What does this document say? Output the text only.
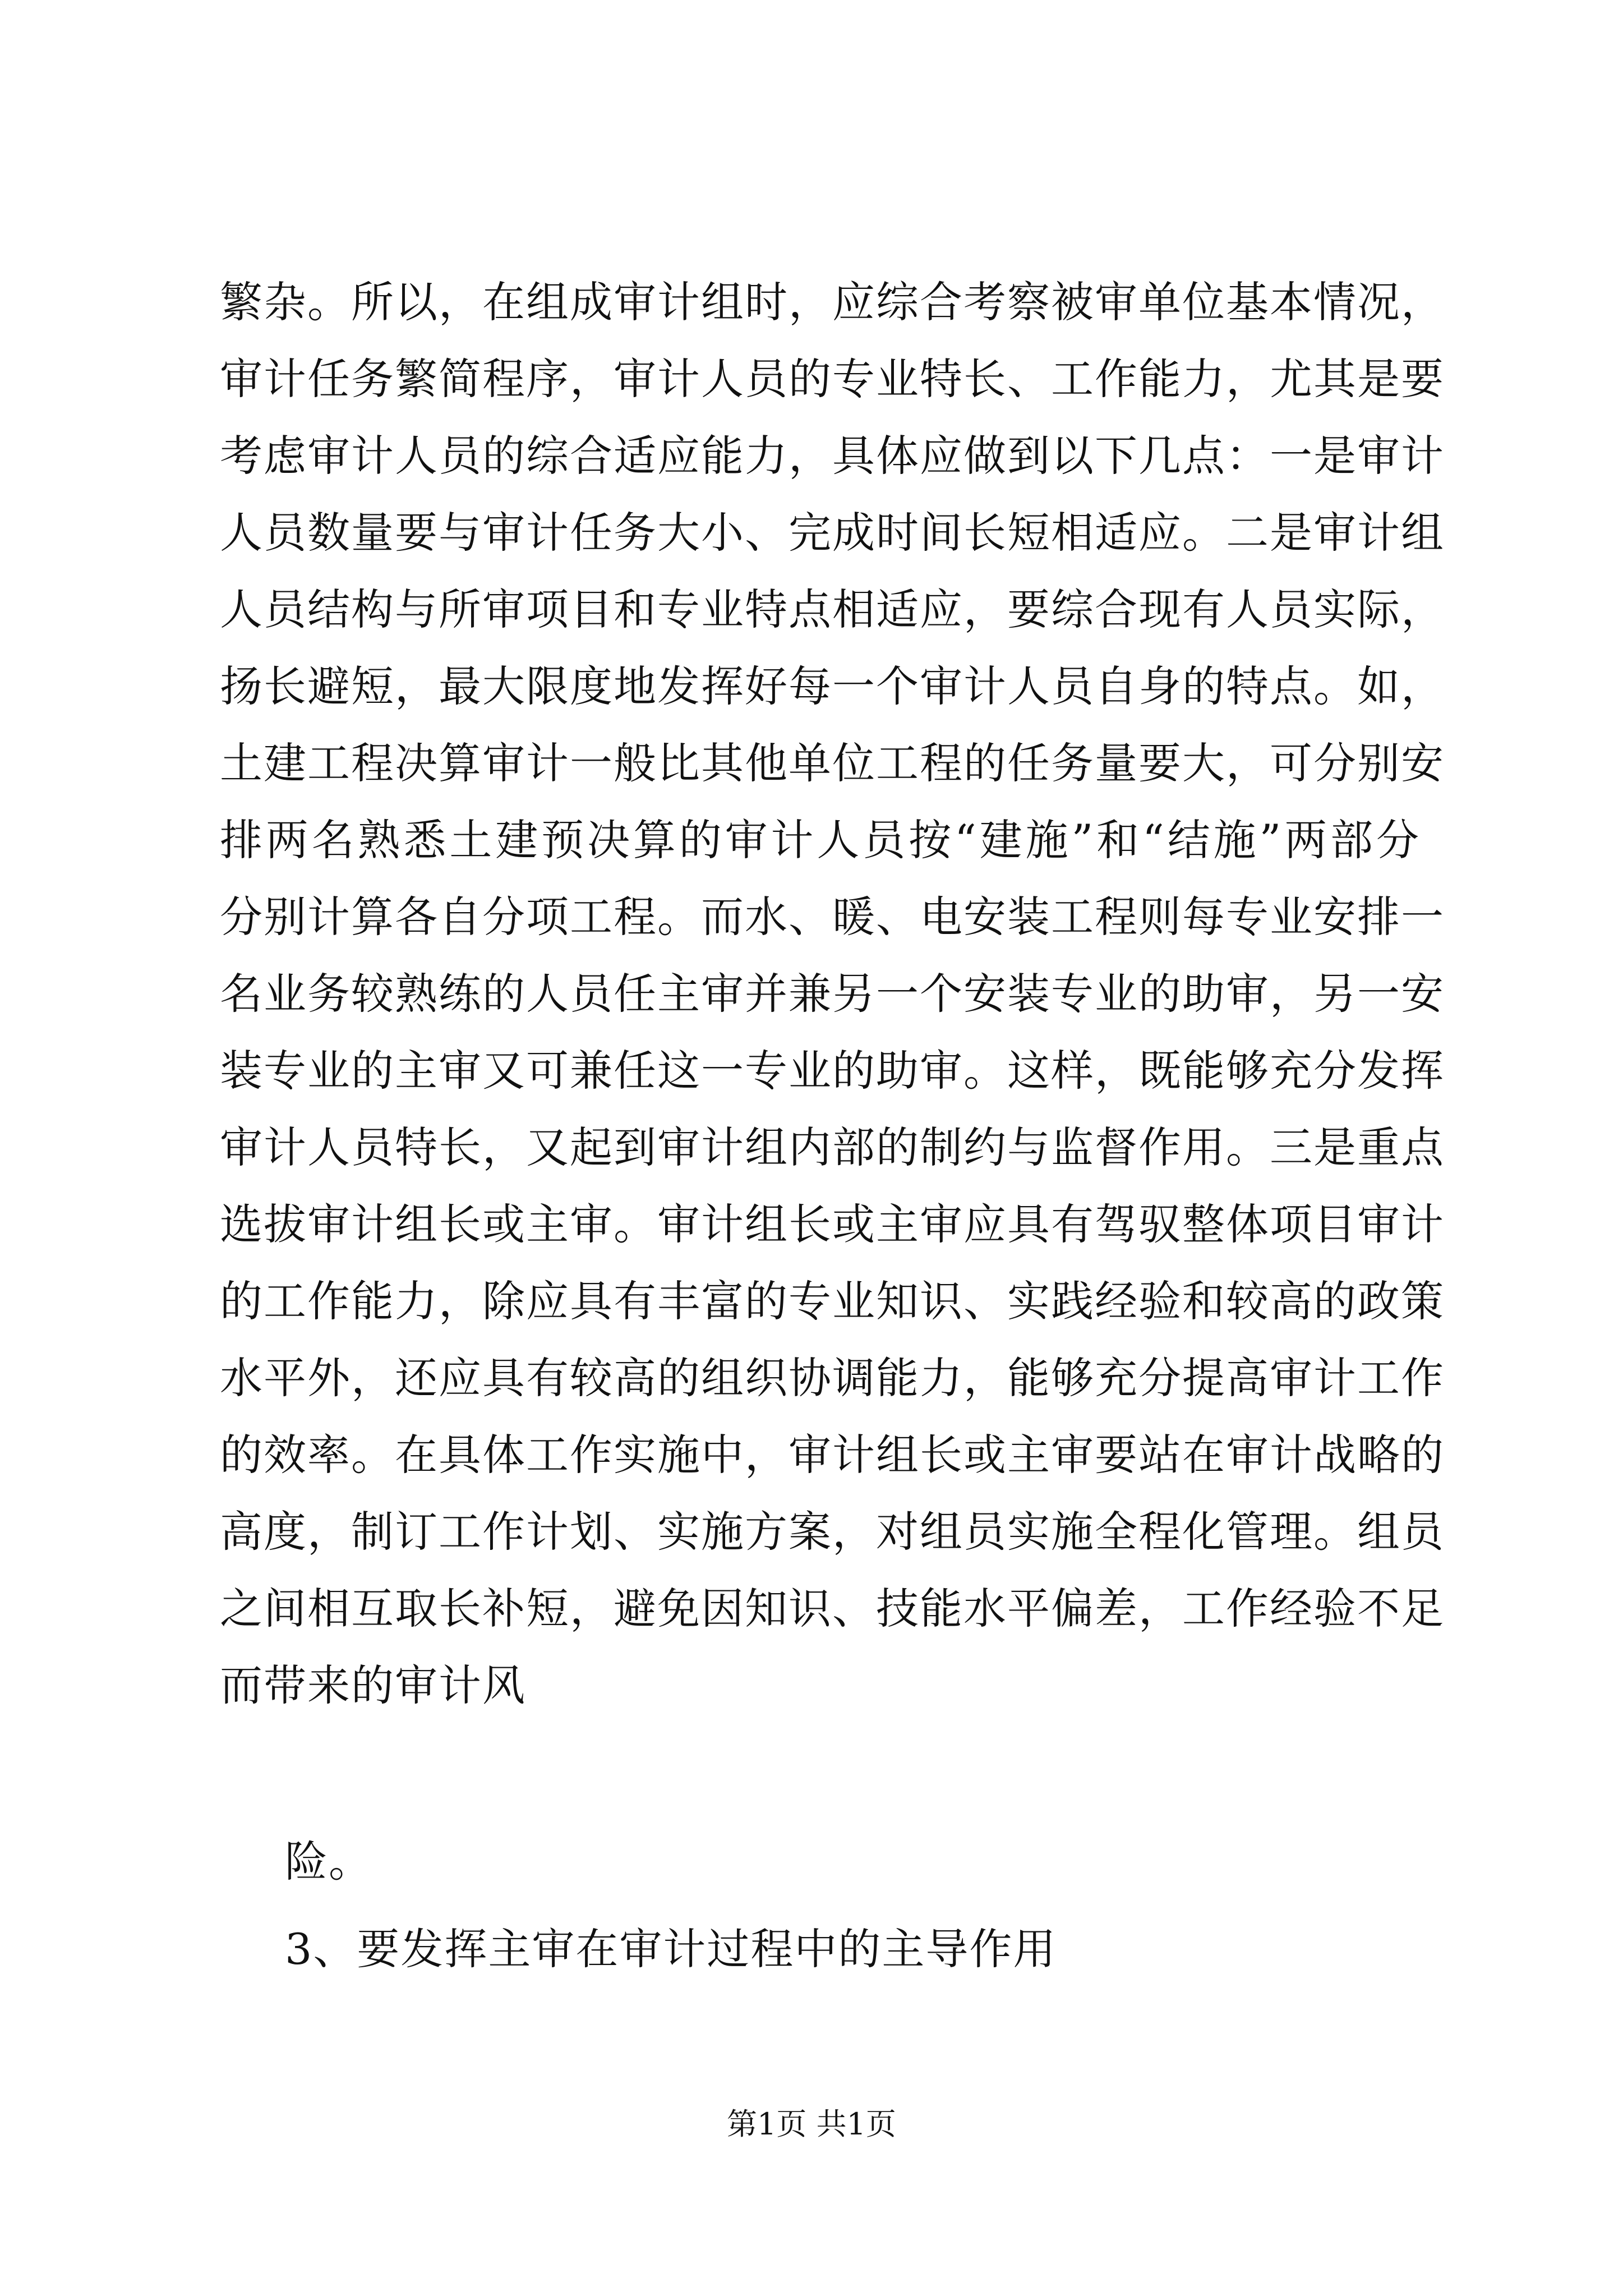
繁杂。所以，在组成审计组时，应综合考察被审单位基本情况，
审计任务繁简程序，审计人员的专业特长、工作能力，尤其是要
考虑审计人员的综合适应能力，具体应做到以下几点：一是审计
人员数量要与审计任务大小、完成时间长短相适应。二是审计组
人员结构与所审项目和专业特点相适应，要综合现有人员实际，
扬长避短，最大限度地发挥好每一个审计人员自身的特点。如，
土建工程决算审计一般比其他单位工程的任务量要大，可分别安
排两名熟悉土建预决算的审计人员按“建施”和“结施”两部分
分别计算各自分项工程。而水、暖、电安装工程则每专业安排一
名业务较熟练的人员任主审并兼另一个安装专业的助审，另一安
装专业的主审又可兼任这一专业的助审。这样，既能够充分发挥
审计人员特长，又起到审计组内部的制约与监督作用。三是重点
选拔审计组长或主审。审计组长或主审应具有驾驭整体项目审计
的工作能力，除应具有丰富的专业知识、实践经验和较高的政策
水平外，还应具有较高的组织协调能力，能够充分提高审计工作
的效率。在具体工作实施中，审计组长或主审要站在审计战略的
高度，制订工作计划、实施方案，对组员实施全程化管理。组员
之间相互取长补短，避免因知识、技能水平偏差，工作经验不足
而带来的审计风
险。
3、要发挥主审在审计过程中的主导作用
第1页 共1页
